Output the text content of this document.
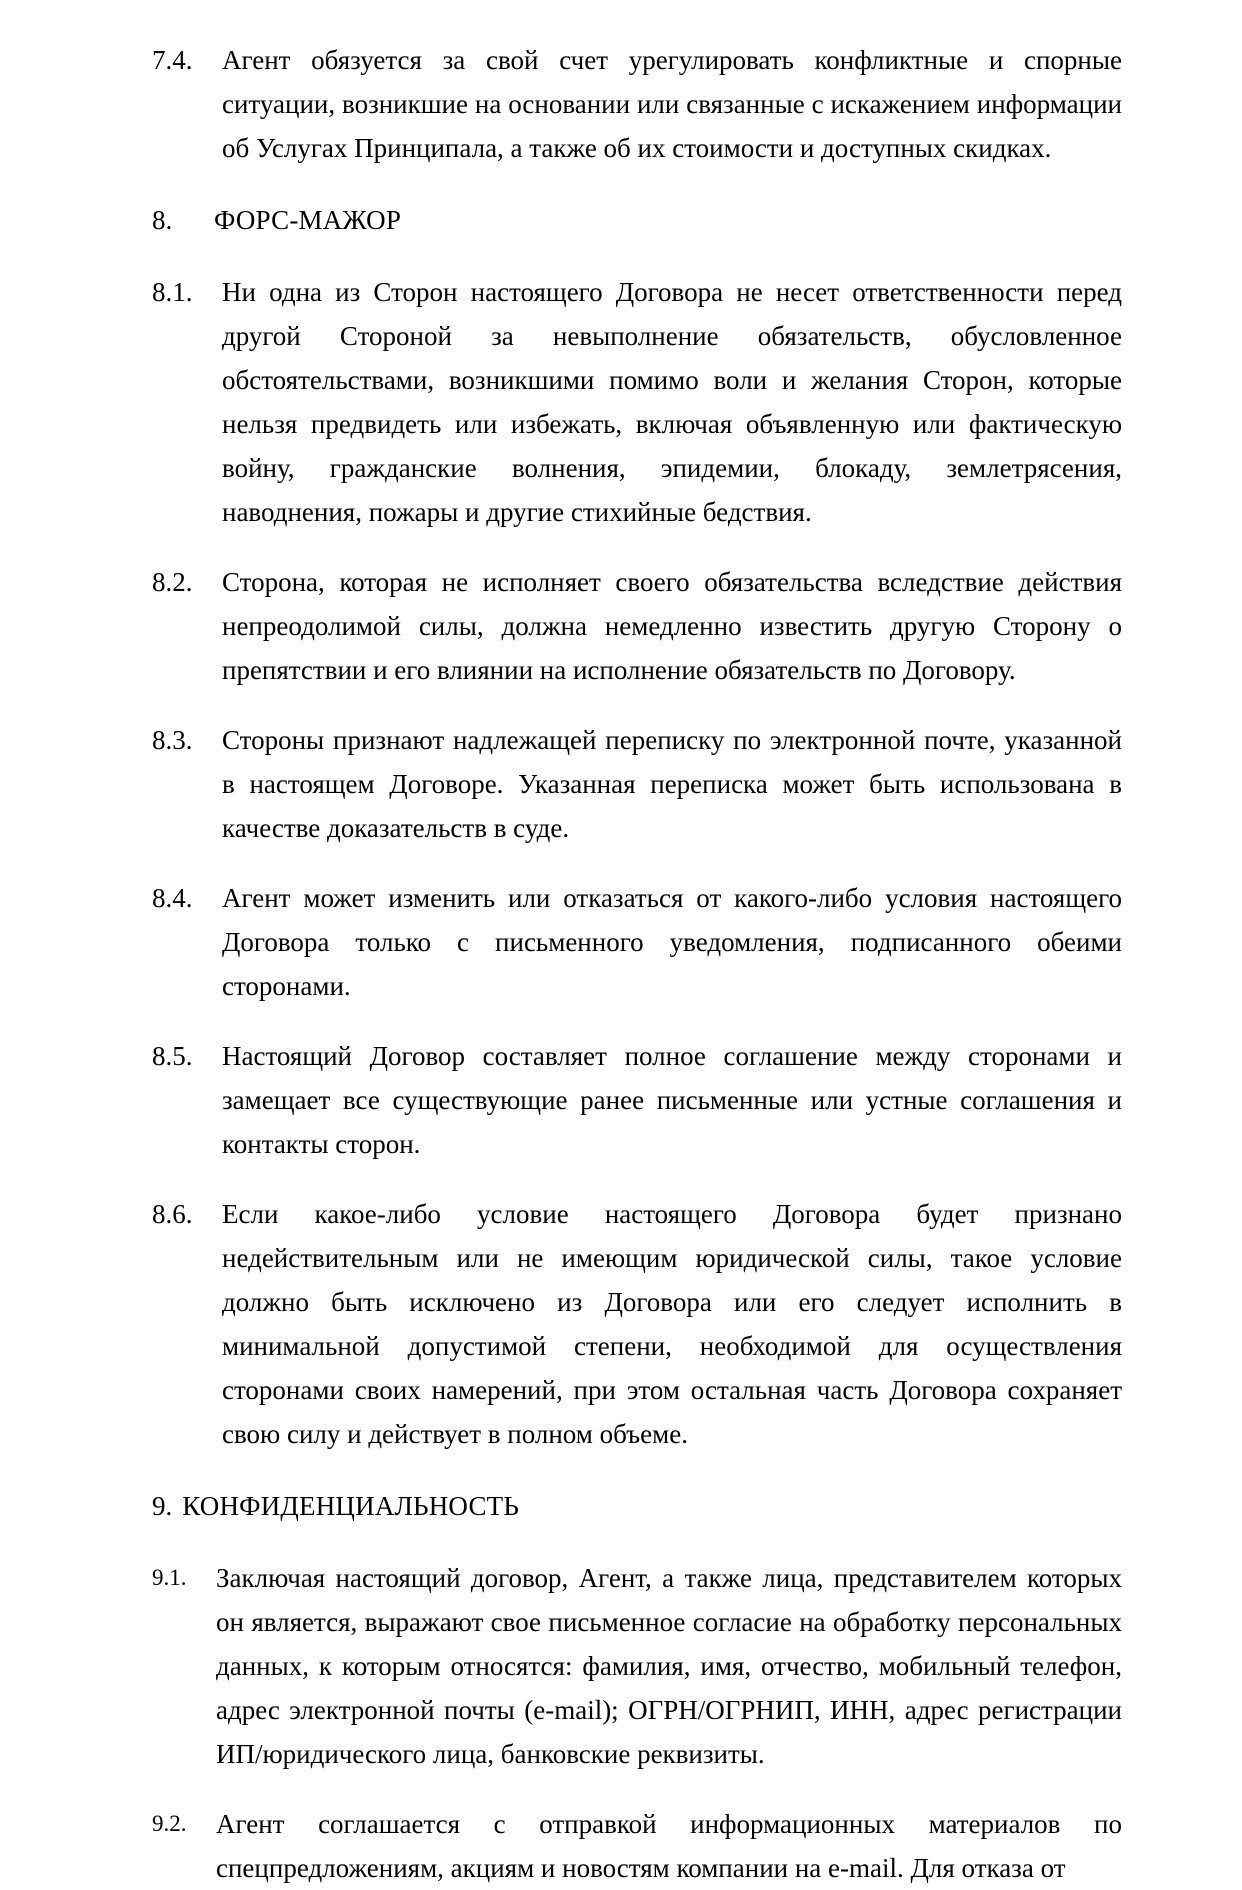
7.4.	Агент обязуется за свой счет урегулировать конфликтные и спорные ситуации, возникшие на основании или связанные с искажением информации об Услугах Принципала, а также об их стоимости и доступных скидках.
8.	ФОРС-МАЖОР
8.1.	Ни одна из Сторон настоящего Договора не несет ответственности перед другой Стороной за невыполнение обязательств, обусловленное обстоятельствами, возникшими помимо воли и желания Сторон, которые нельзя предвидеть или избежать, включая объявленную или фактическую войну, гражданские волнения, эпидемии, блокаду, землетрясения, наводнения, пожары и другие стихийные бедствия.
8.2.	Сторона, которая не исполняет своего обязательства вследствие действия непреодолимой силы, должна немедленно известить другую Сторону о препятствии и его влиянии на исполнение обязательств по Договору.
8.3.	Стороны признают надлежащей переписку по электронной почте, указанной в настоящем Договоре. Указанная переписка может быть использована в качестве доказательств в суде.
8.4.	Агент может изменить или отказаться от какого-либо условия настоящего Договора только с письменного уведомления, подписанного обеими сторонами.
8.5.	Настоящий Договор составляет полное соглашение между сторонами и замещает все существующие ранее письменные или устные соглашения и контакты сторон.
8.6.	Если какое-либо условие настоящего Договора будет признано недействительным или не имеющим юридической силы, такое условие должно быть исключено из Договора или его следует исполнить в минимальной допустимой степени, необходимой для осуществления сторонами своих намерений, при этом остальная часть Договора сохраняет свою силу и действует в полном объеме.
9. КОНФИДЕНЦИАЛЬНОСТЬ
9.1.	Заключая настоящий договор, Агент, а также лица, представителем которых он является, выражают свое письменное согласие на обработку персональных данных, к которым относятся: фамилия, имя, отчество, мобильный телефон, адрес электронной почты (e-mail); ОГРН/ОГРНИП, ИНН, адрес регистрации ИП/юридического лица, банковские реквизиты.
9.2.	Агент соглашается с отправкой информационных материалов по спецпредложениям, акциям и новостям компании на e-mail. Для отказа от
